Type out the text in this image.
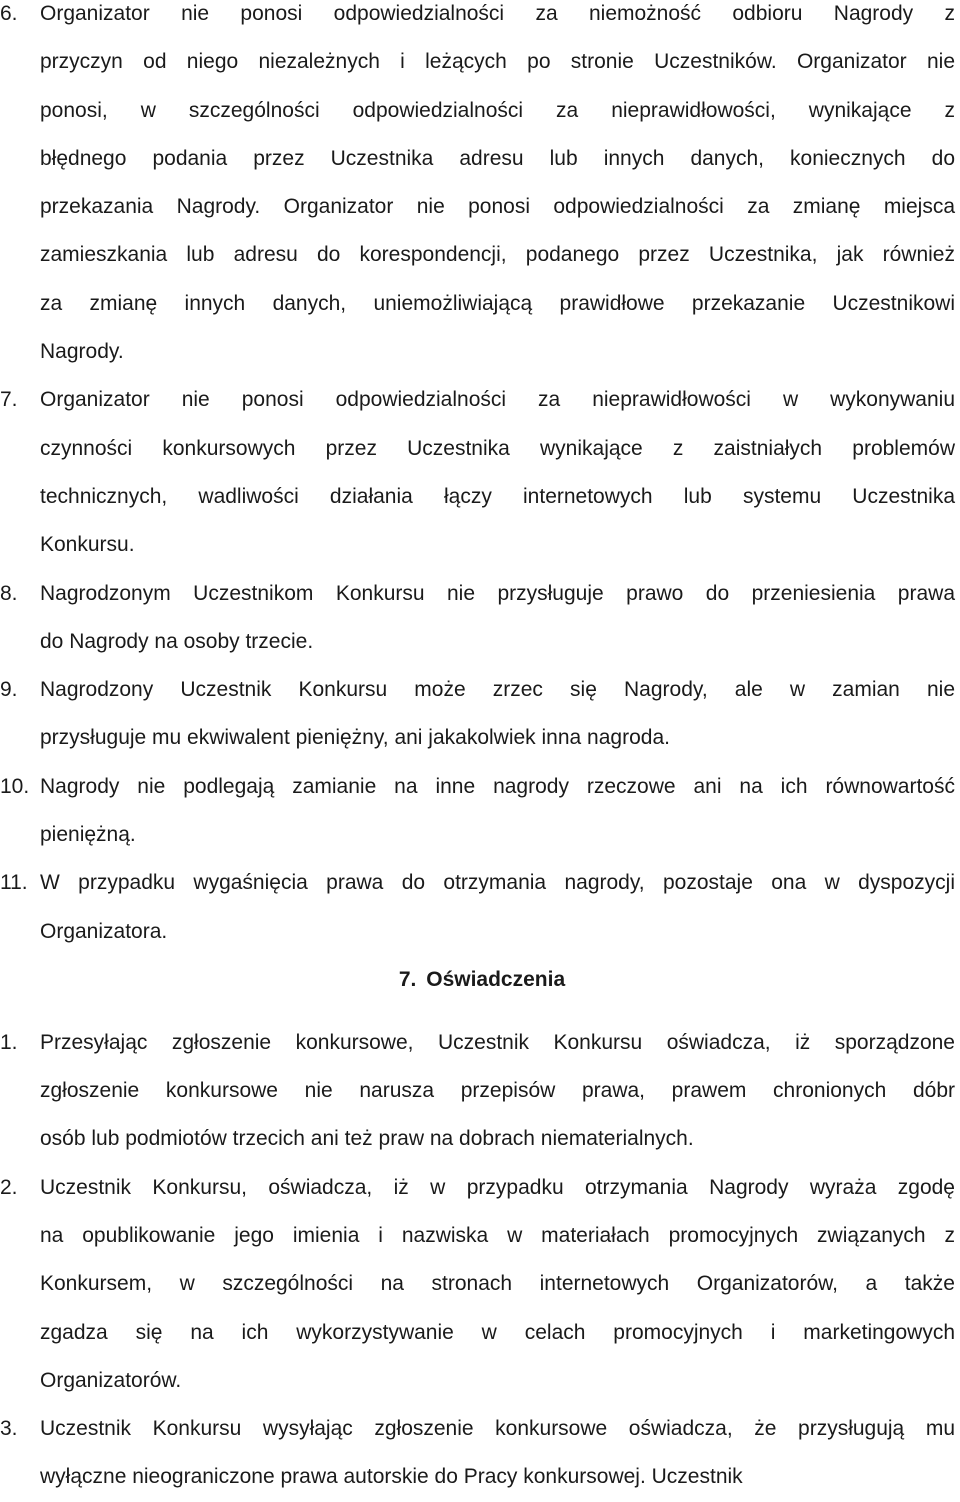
6. Organizator nie ponosi odpowiedzialności za niemożność odbioru Nagrody z
przyczyn od niego niezależnych i leżących po stronie Uczestników. Organizator nie
ponosi, w szczególności odpowiedzialności za nieprawidłowości, wynikające z
błędnego podania przez Uczestnika adresu lub innych danych, koniecznych do
przekazania Nagrody. Organizator nie ponosi odpowiedzialności za zmianę miejsca
zamieszkania lub adresu do korespondencji, podanego przez Uczestnika, jak również
za zmianę innych danych, uniemożliwiającą prawidłowe przekazanie Uczestnikowi
Nagrody.
7. Organizator nie ponosi odpowiedzialności za nieprawidłowości w wykonywaniu
czynności konkursowych przez Uczestnika wynikające z zaistniałych problemów
technicznych, wadliwości działania łączy internetowych lub systemu Uczestnika
Konkursu.
8. Nagrodzonym Uczestnikom Konkursu nie przysługuje prawo do przeniesienia prawa
do Nagrody na osoby trzecie.
9. Nagrodzony Uczestnik Konkursu może zrzec się Nagrody, ale w zamian nie
przysługuje mu ekwiwalent pieniężny, ani jakakolwiek inna nagroda.
10. Nagrody nie podlegają zamianie na inne nagrody rzeczowe ani na ich równowartość
pieniężną.
11. W przypadku wygaśnięcia prawa do otrzymania nagrody, pozostaje ona w dyspozycji
Organizatora.
7. Oświadczenia
1. Przesyłając zgłoszenie konkursowe, Uczestnik Konkursu oświadcza, iż sporządzone
zgłoszenie konkursowe nie narusza przepisów prawa, prawem chronionych dóbr
osób lub podmiotów trzecich ani też praw na dobrach niematerialnych.
2. Uczestnik Konkursu, oświadcza, iż w przypadku otrzymania Nagrody wyraża zgodę
na opublikowanie jego imienia i nazwiska w materiałach promocyjnych związanych z
Konkursem, w szczególności na stronach internetowych Organizatorów, a także
zgadza się na ich wykorzystywanie w celach promocyjnych i marketingowych
Organizatorów.
3. Uczestnik Konkursu wysyłając zgłoszenie konkursowe oświadcza, że przysługują mu
wyłączne nieograniczone prawa autorskie do Pracy konkursowej. Uczestnik
